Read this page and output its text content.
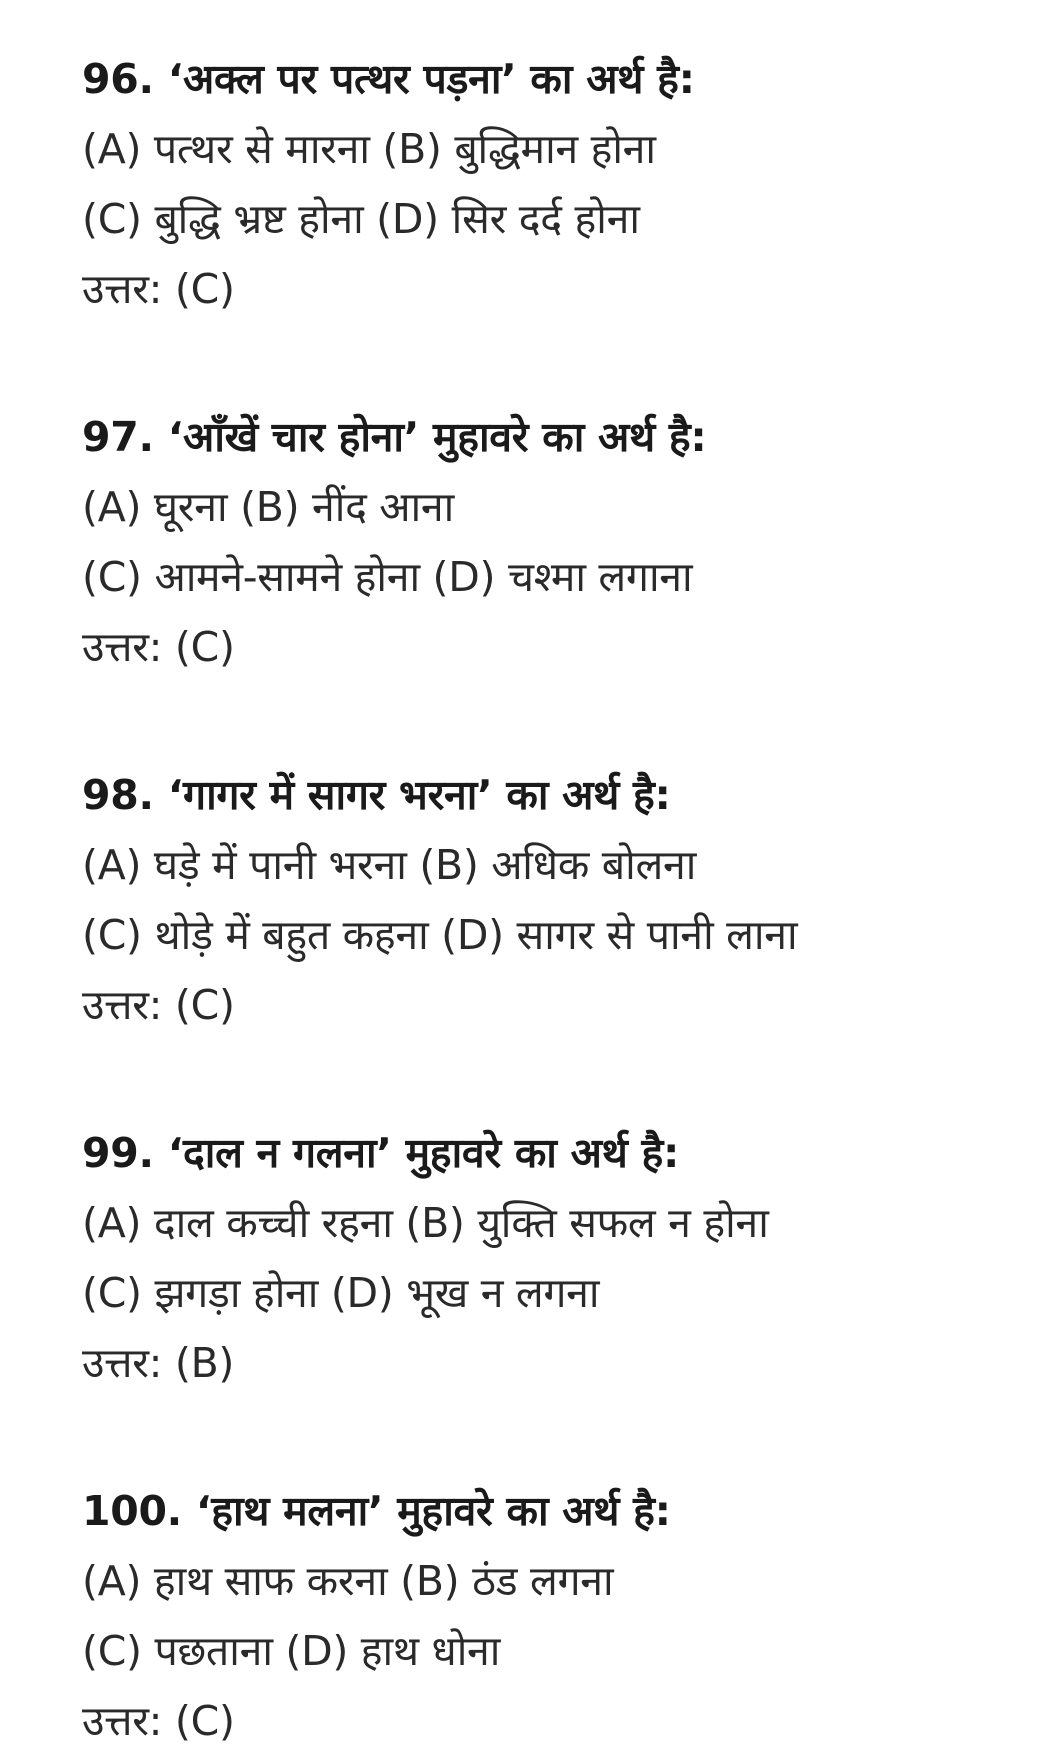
96. ‘अक्ल पर पत्थर पड़ना’ का अर्थ है:
(A) पत्थर से मारना (B) बुद्धिमान होना
(C) बुद्धि भ्रष्ट होना (D) सिर दर्द होना
उत्तर: (C)
97. ‘आँखें चार होना’ मुहावरे का अर्थ है:
(A) घूरना (B) नींद आना
(C) आमने-सामने होना (D) चश्मा लगाना
उत्तर: (C)
98. ‘गागर में सागर भरना’ का अर्थ है:
(A) घड़े में पानी भरना (B) अधिक बोलना
(C) थोड़े में बहुत कहना (D) सागर से पानी लाना
उत्तर: (C)
99. ‘दाल न गलना’ मुहावरे का अर्थ है:
(A) दाल कच्ची रहना (B) युक्ति सफल न होना
(C) झगड़ा होना (D) भूख न लगना
उत्तर: (B)
100. ‘हाथ मलना’ मुहावरे का अर्थ है:
(A) हाथ साफ करना (B) ठंड लगना
(C) पछताना (D) हाथ धोना
उत्तर: (C)
